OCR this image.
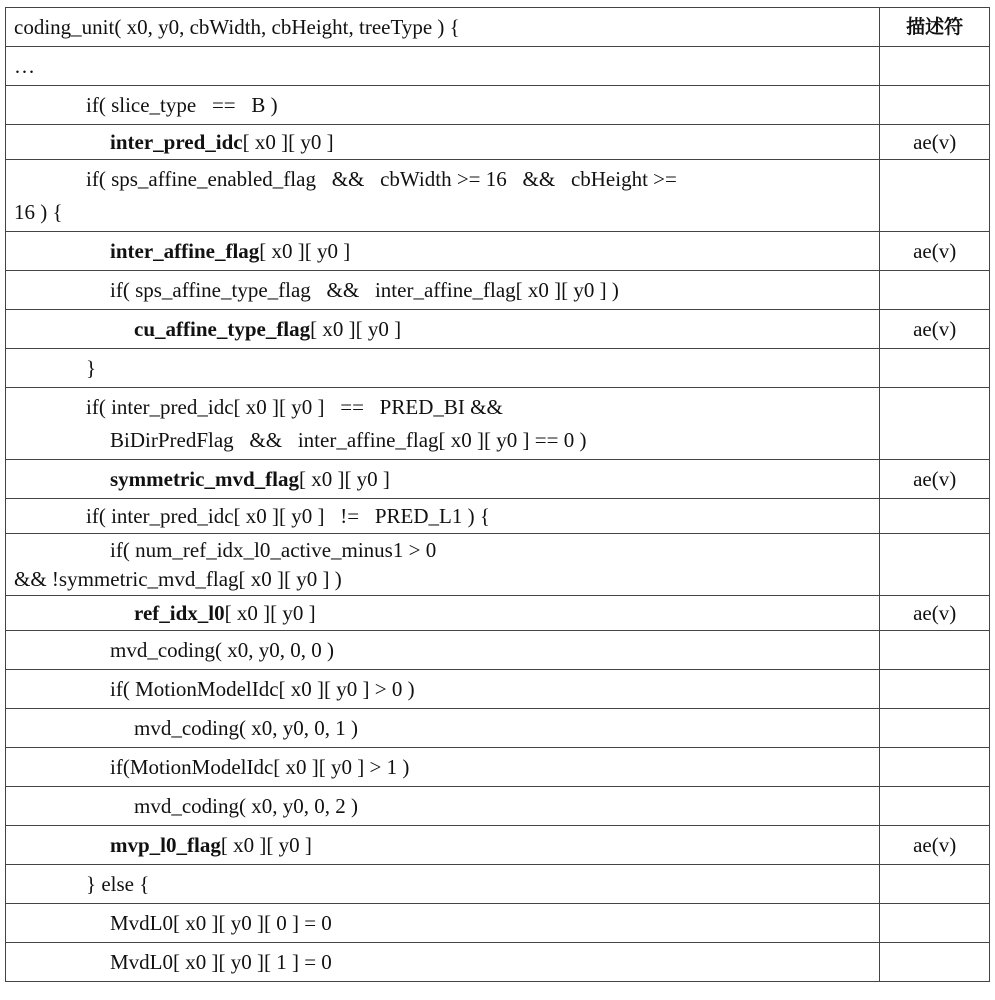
coding_unit( x0, y0, cbWidth, cbHeight, treeType ) {	描述符
…	
if( slice_type   ==   B )	
inter_pred_idc[ x0 ][ y0 ]	ae(v)

if( sps_affine_enabled_flag   &&   cbWidth >= 16   &&   cbHeight >=
16 ) {	

inter_affine_flag[ x0 ][ y0 ]	ae(v)
if( sps_affine_type_flag   &&   inter_affine_flag[ x0 ][ y0 ] )	
cu_affine_type_flag[ x0 ][ y0 ]	ae(v)
}	

if( inter_pred_idc[ x0 ][ y0 ]   ==   PRED_BI &&
BiDirPredFlag   &&   inter_affine_flag[ x0 ][ y0 ] == 0 )	

symmetric_mvd_flag[ x0 ][ y0 ]	ae(v)
if( inter_pred_idc[ x0 ][ y0 ]   !=   PRED_L1 ) {	

if( num_ref_idx_l0_active_minus1 > 0
&& !symmetric_mvd_flag[ x0 ][ y0 ] )	

ref_idx_l0[ x0 ][ y0 ]	ae(v)
mvd_coding( x0, y0, 0, 0 )	
if( MotionModelIdc[ x0 ][ y0 ] > 0 )	
mvd_coding( x0, y0, 0, 1 )	
if(MotionModelIdc[ x0 ][ y0 ] > 1 )	
mvd_coding( x0, y0, 0, 2 )	
mvp_l0_flag[ x0 ][ y0 ]	ae(v)
} else {	
MvdL0[ x0 ][ y0 ][ 0 ] = 0	
MvdL0[ x0 ][ y0 ][ 1 ] = 0	
